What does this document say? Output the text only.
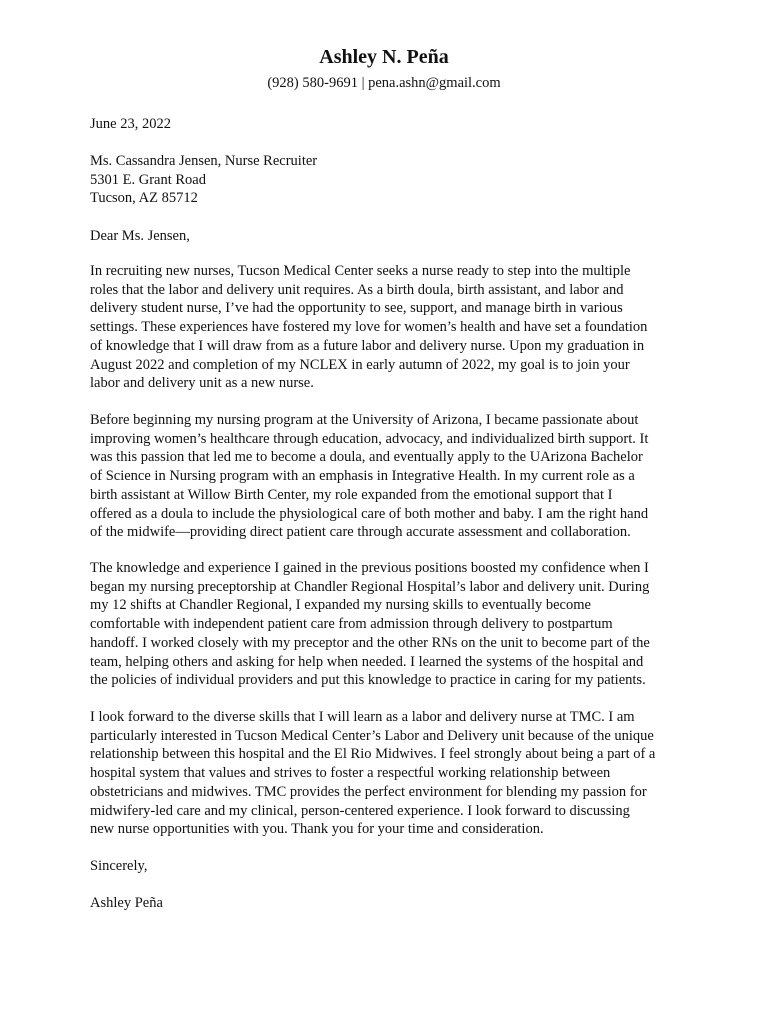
Ashley N. Peña
(928) 580-9691 | pena.ashn@gmail.com
June 23, 2022
Ms. Cassandra Jensen, Nurse Recruiter
5301 E. Grant Road
Tucson, AZ 85712
Dear Ms. Jensen,
In recruiting new nurses, Tucson Medical Center seeks a nurse ready to step into the multiple
roles that the labor and delivery unit requires. As a birth doula, birth assistant, and labor and
delivery student nurse, I’ve had the opportunity to see, support, and manage birth in various
settings. These experiences have fostered my love for women’s health and have set a foundation
of knowledge that I will draw from as a future labor and delivery nurse. Upon my graduation in
August 2022 and completion of my NCLEX in early autumn of 2022, my goal is to join your
labor and delivery unit as a new nurse.
Before beginning my nursing program at the University of Arizona, I became passionate about
improving women’s healthcare through education, advocacy, and individualized birth support. It
was this passion that led me to become a doula, and eventually apply to the UArizona Bachelor
of Science in Nursing program with an emphasis in Integrative Health. In my current role as a
birth assistant at Willow Birth Center, my role expanded from the emotional support that I
offered as a doula to include the physiological care of both mother and baby. I am the right hand
of the midwife—providing direct patient care through accurate assessment and collaboration.
The knowledge and experience I gained in the previous positions boosted my confidence when I
began my nursing preceptorship at Chandler Regional Hospital’s labor and delivery unit. During
my 12 shifts at Chandler Regional, I expanded my nursing skills to eventually become
comfortable with independent patient care from admission through delivery to postpartum
handoff. I worked closely with my preceptor and the other RNs on the unit to become part of the
team, helping others and asking for help when needed. I learned the systems of the hospital and
the policies of individual providers and put this knowledge to practice in caring for my patients.
I look forward to the diverse skills that I will learn as a labor and delivery nurse at TMC. I am
particularly interested in Tucson Medical Center’s Labor and Delivery unit because of the unique
relationship between this hospital and the El Rio Midwives. I feel strongly about being a part of a
hospital system that values and strives to foster a respectful working relationship between
obstetricians and midwives. TMC provides the perfect environment for blending my passion for
midwifery-led care and my clinical, person-centered experience. I look forward to discussing
new nurse opportunities with you. Thank you for your time and consideration.
Sincerely,
Ashley Peña
